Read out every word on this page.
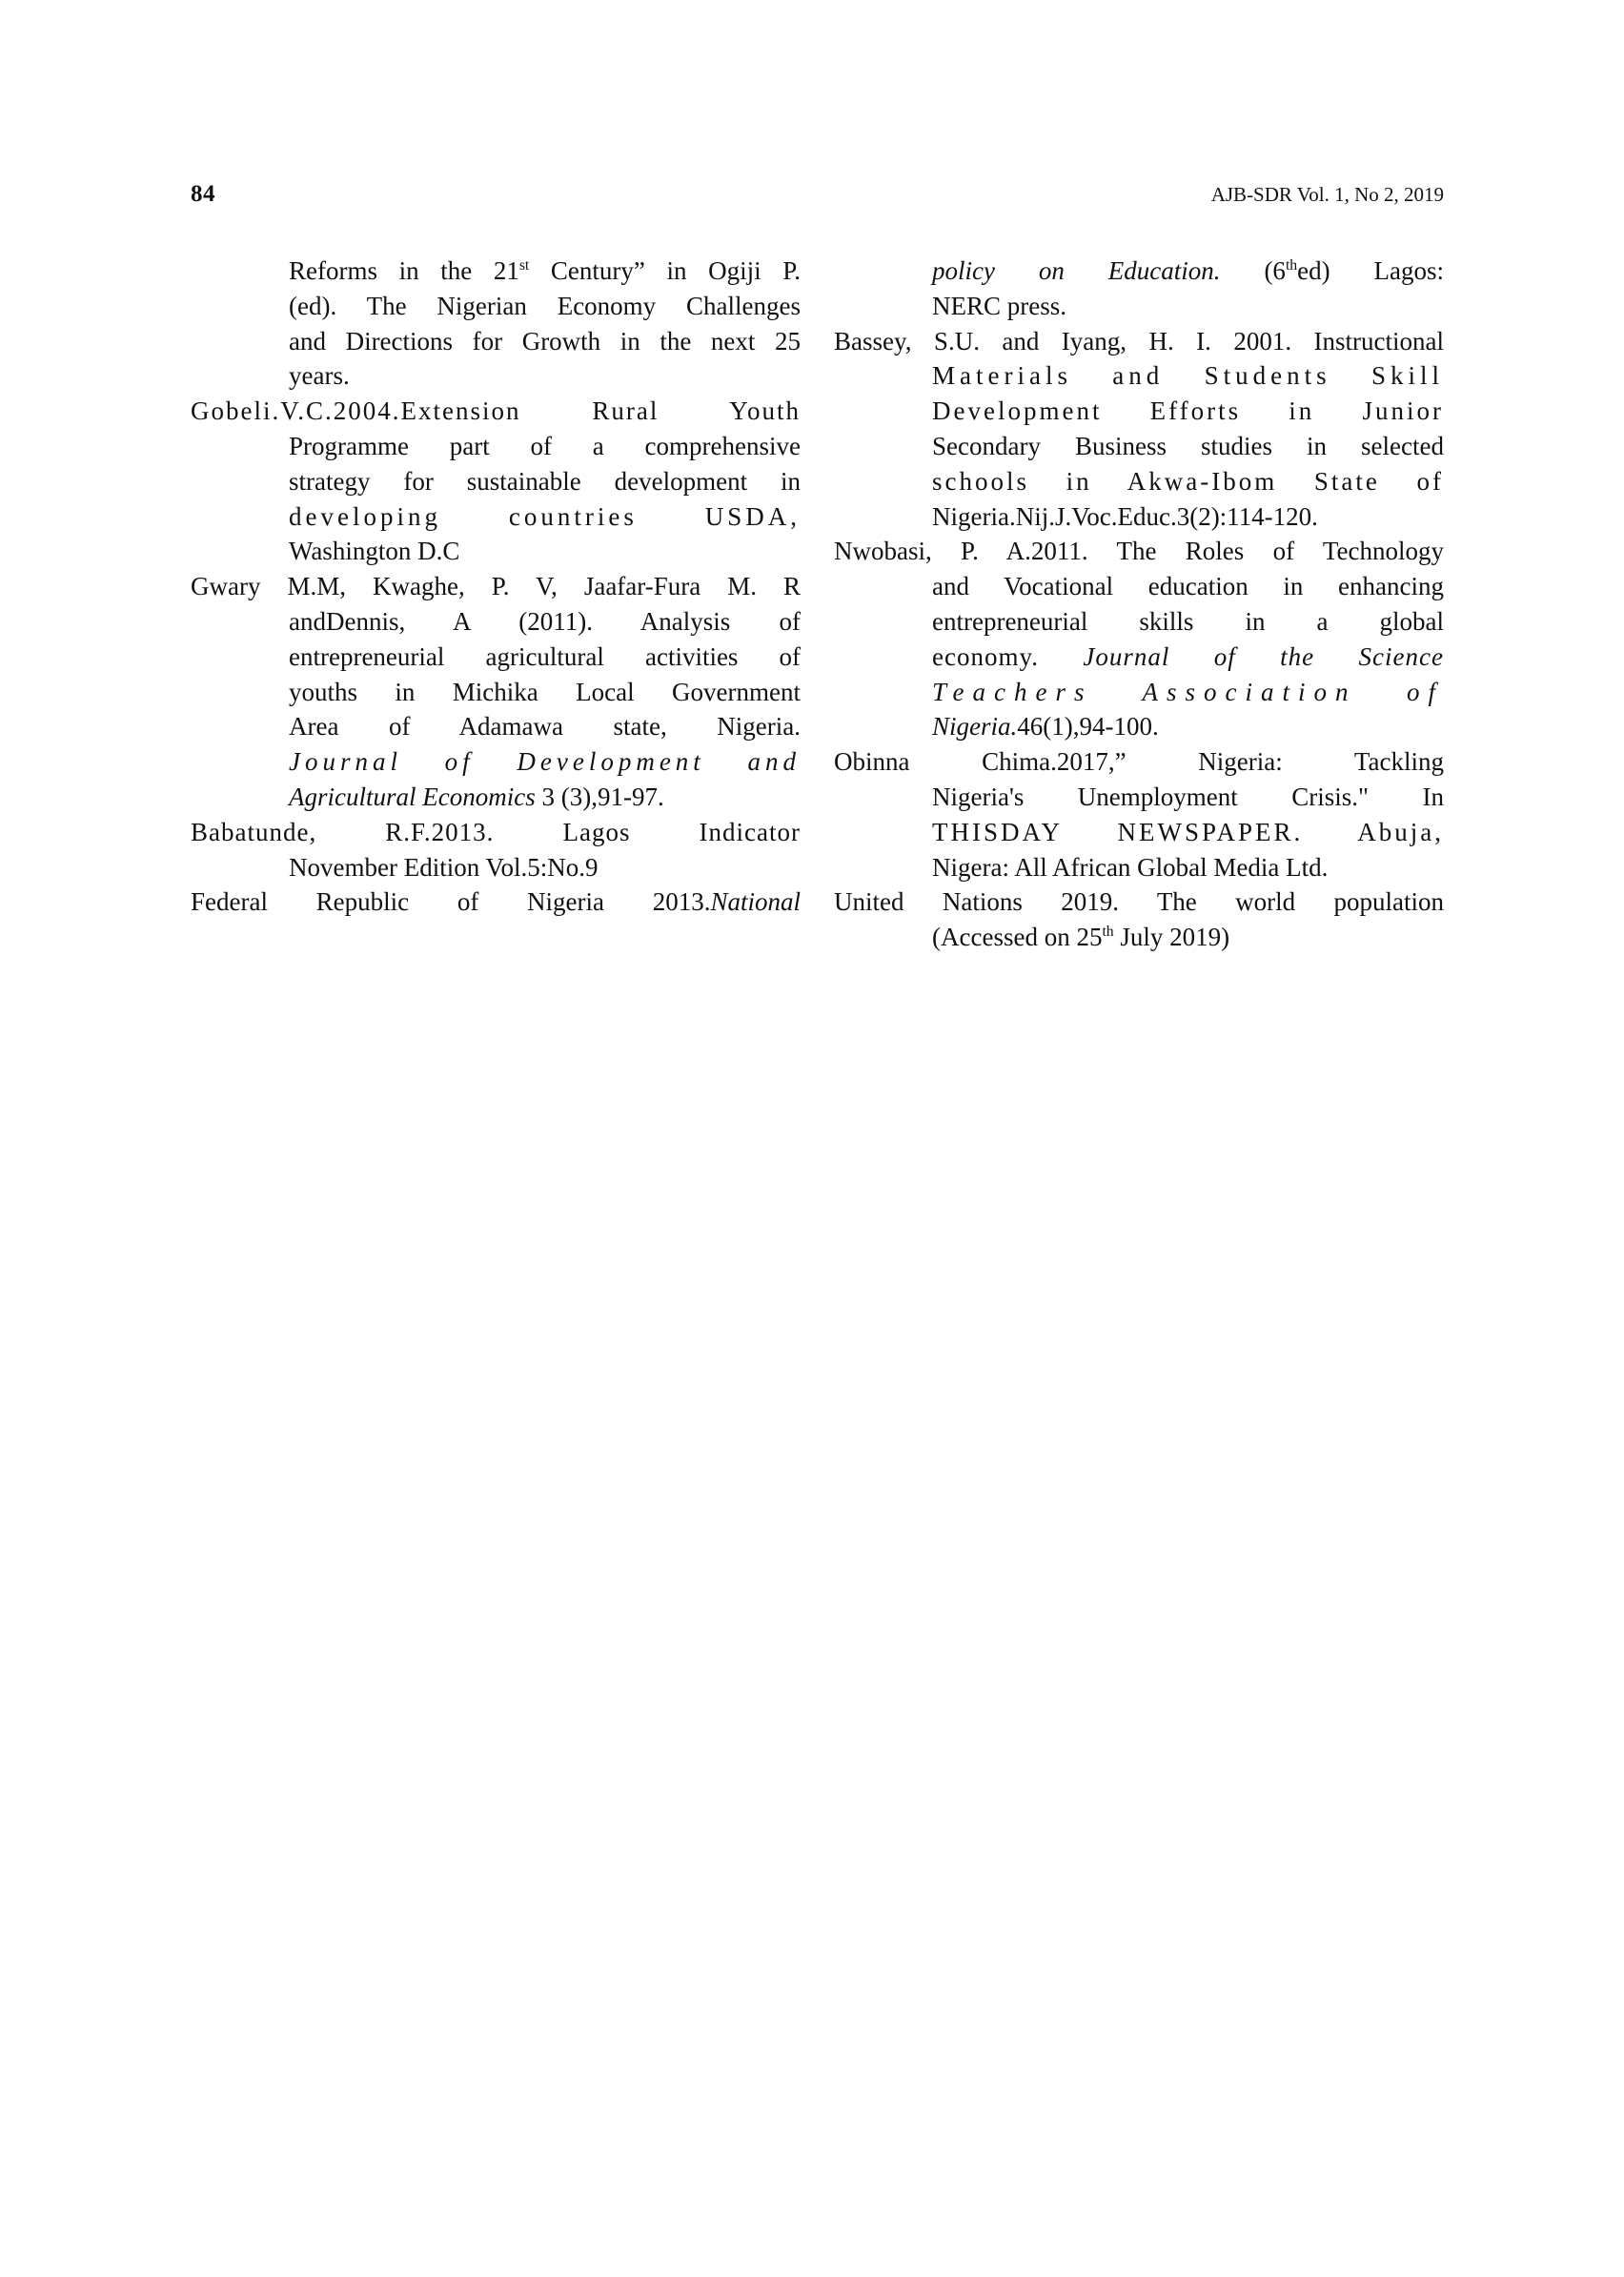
84	AJB-SDR Vol. 1, No 2, 2019
Reforms in the 21st Century” in Ogiji P.
(ed). The Nigerian Economy Challenges
and Directions for Growth in the next 25
years.
Gobeli.V.C.2004.Extension Rural Youth
Programme part of a comprehensive
strategy for sustainable development in
developing countries USDA,
Washington D.C
Gwary M.M, Kwaghe, P. V, Jaafar-Fura M. R
andDennis, A (2011). Analysis of
entrepreneurial agricultural activities of
youths in Michika Local Government
Area of Adamawa state, Nigeria.
Journal of Development and
Agricultural Economics 3 (3),91-97.
Babatunde, R.F.2013. Lagos Indicator
November Edition Vol.5:No.9
Federal Republic of Nigeria 2013.National
policy on Education. (6thed) Lagos:
NERC press.
Bassey, S.U. and Iyang, H. I. 2001. Instructional
Materials and Students Skill
Development Efforts in Junior
Secondary Business studies in selected
schools in Akwa-Ibom State of
Nigeria.Nij.J.Voc.Educ.3(2):114-120.
Nwobasi, P. A.2011. The Roles of Technology
and Vocational education in enhancing
entrepreneurial skills in a global
economy. Journal of the Science
Teachers Association of
Nigeria.46(1),94-100.
Obinna Chima.2017,” Nigeria: Tackling
Nigeria's Unemployment Crisis." In
THISDAY NEWSPAPER. Abuja,
Nigera: All African Global Media Ltd.
United Nations 2019. The world population
(Accessed on 25th July 2019)
